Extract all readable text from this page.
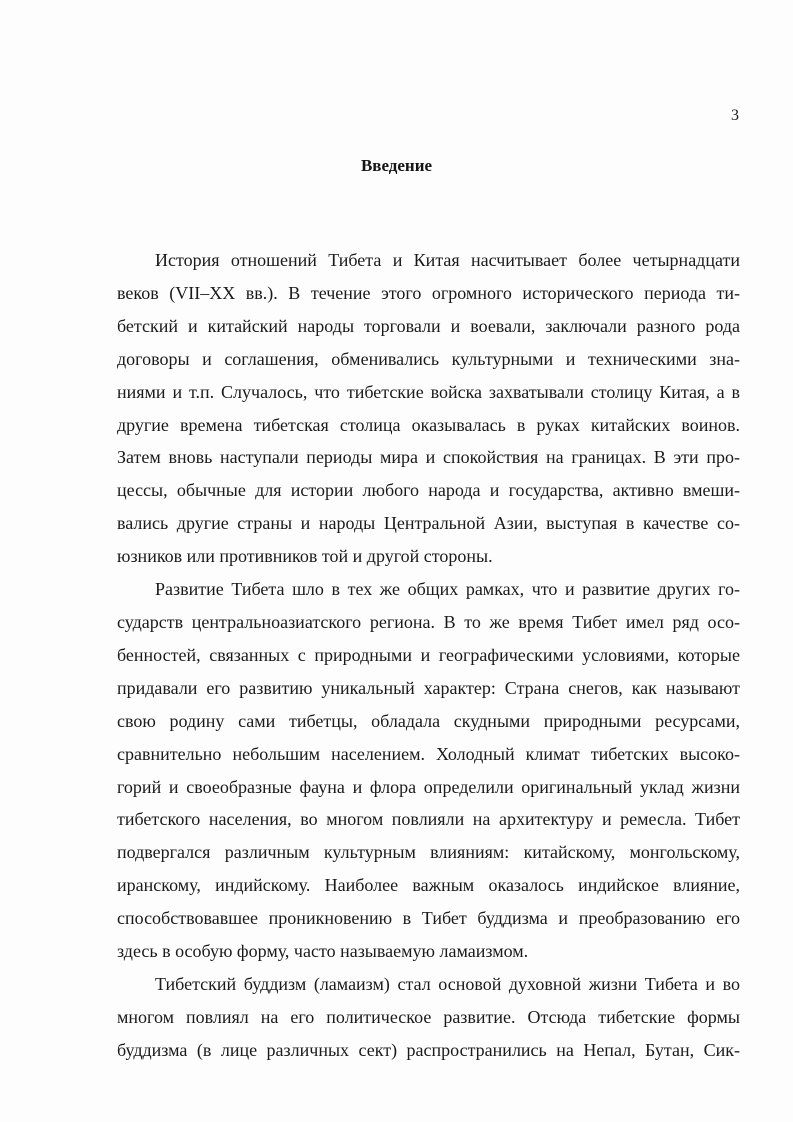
3
Введение

История отношений Тибета и Китая насчитывает более четырнадцати
веков (VII–XX вв.). В течение этого огромного исторического периода ти-
бетский и китайский народы торговали и воевали, заключали разного рода
договоры и соглашения, обменивались культурными и техническими зна-
ниями и т.п. Случалось, что тибетские войска захватывали столицу Китая, а в
другие времена тибетская столица оказывалась в руках китайских воинов.
Затем вновь наступали периоды мира и спокойствия на границах. В эти про-
цессы, обычные для истории любого народа и государства, активно вмеши-
вались другие страны и народы Центральной Азии, выступая в качестве со-
юзников или противников той и другой стороны.

Развитие Тибета шло в тех же общих рамках, что и развитие других го-
сударств центральноазиатского региона. В то же время Тибет имел ряд осо-
бенностей, связанных с природными и географическими условиями, которые
придавали его развитию уникальный характер: Страна снегов, как называют
свою родину сами тибетцы, обладала скудными природными ресурсами,
сравнительно небольшим населением. Холодный климат тибетских высоко-
горий и своеобразные фауна и флора определили оригинальный уклад жизни
тибетского населения, во многом повлияли на архитектуру и ремесла. Тибет
подвергался различным культурным влияниям: китайскому, монгольскому,
иранскому, индийскому. Наиболее важным оказалось индийское влияние,
способствовавшее проникновению в Тибет буддизма и преобразованию его
здесь в особую форму, часто называемую ламаизмом.

Тибетский буддизм (ламаизм) стал основой духовной жизни Тибета и во
многом повлиял на его политическое развитие. Отсюда тибетские формы
буддизма (в лице различных сект) распространились на Непал, Бутан, Сик-
